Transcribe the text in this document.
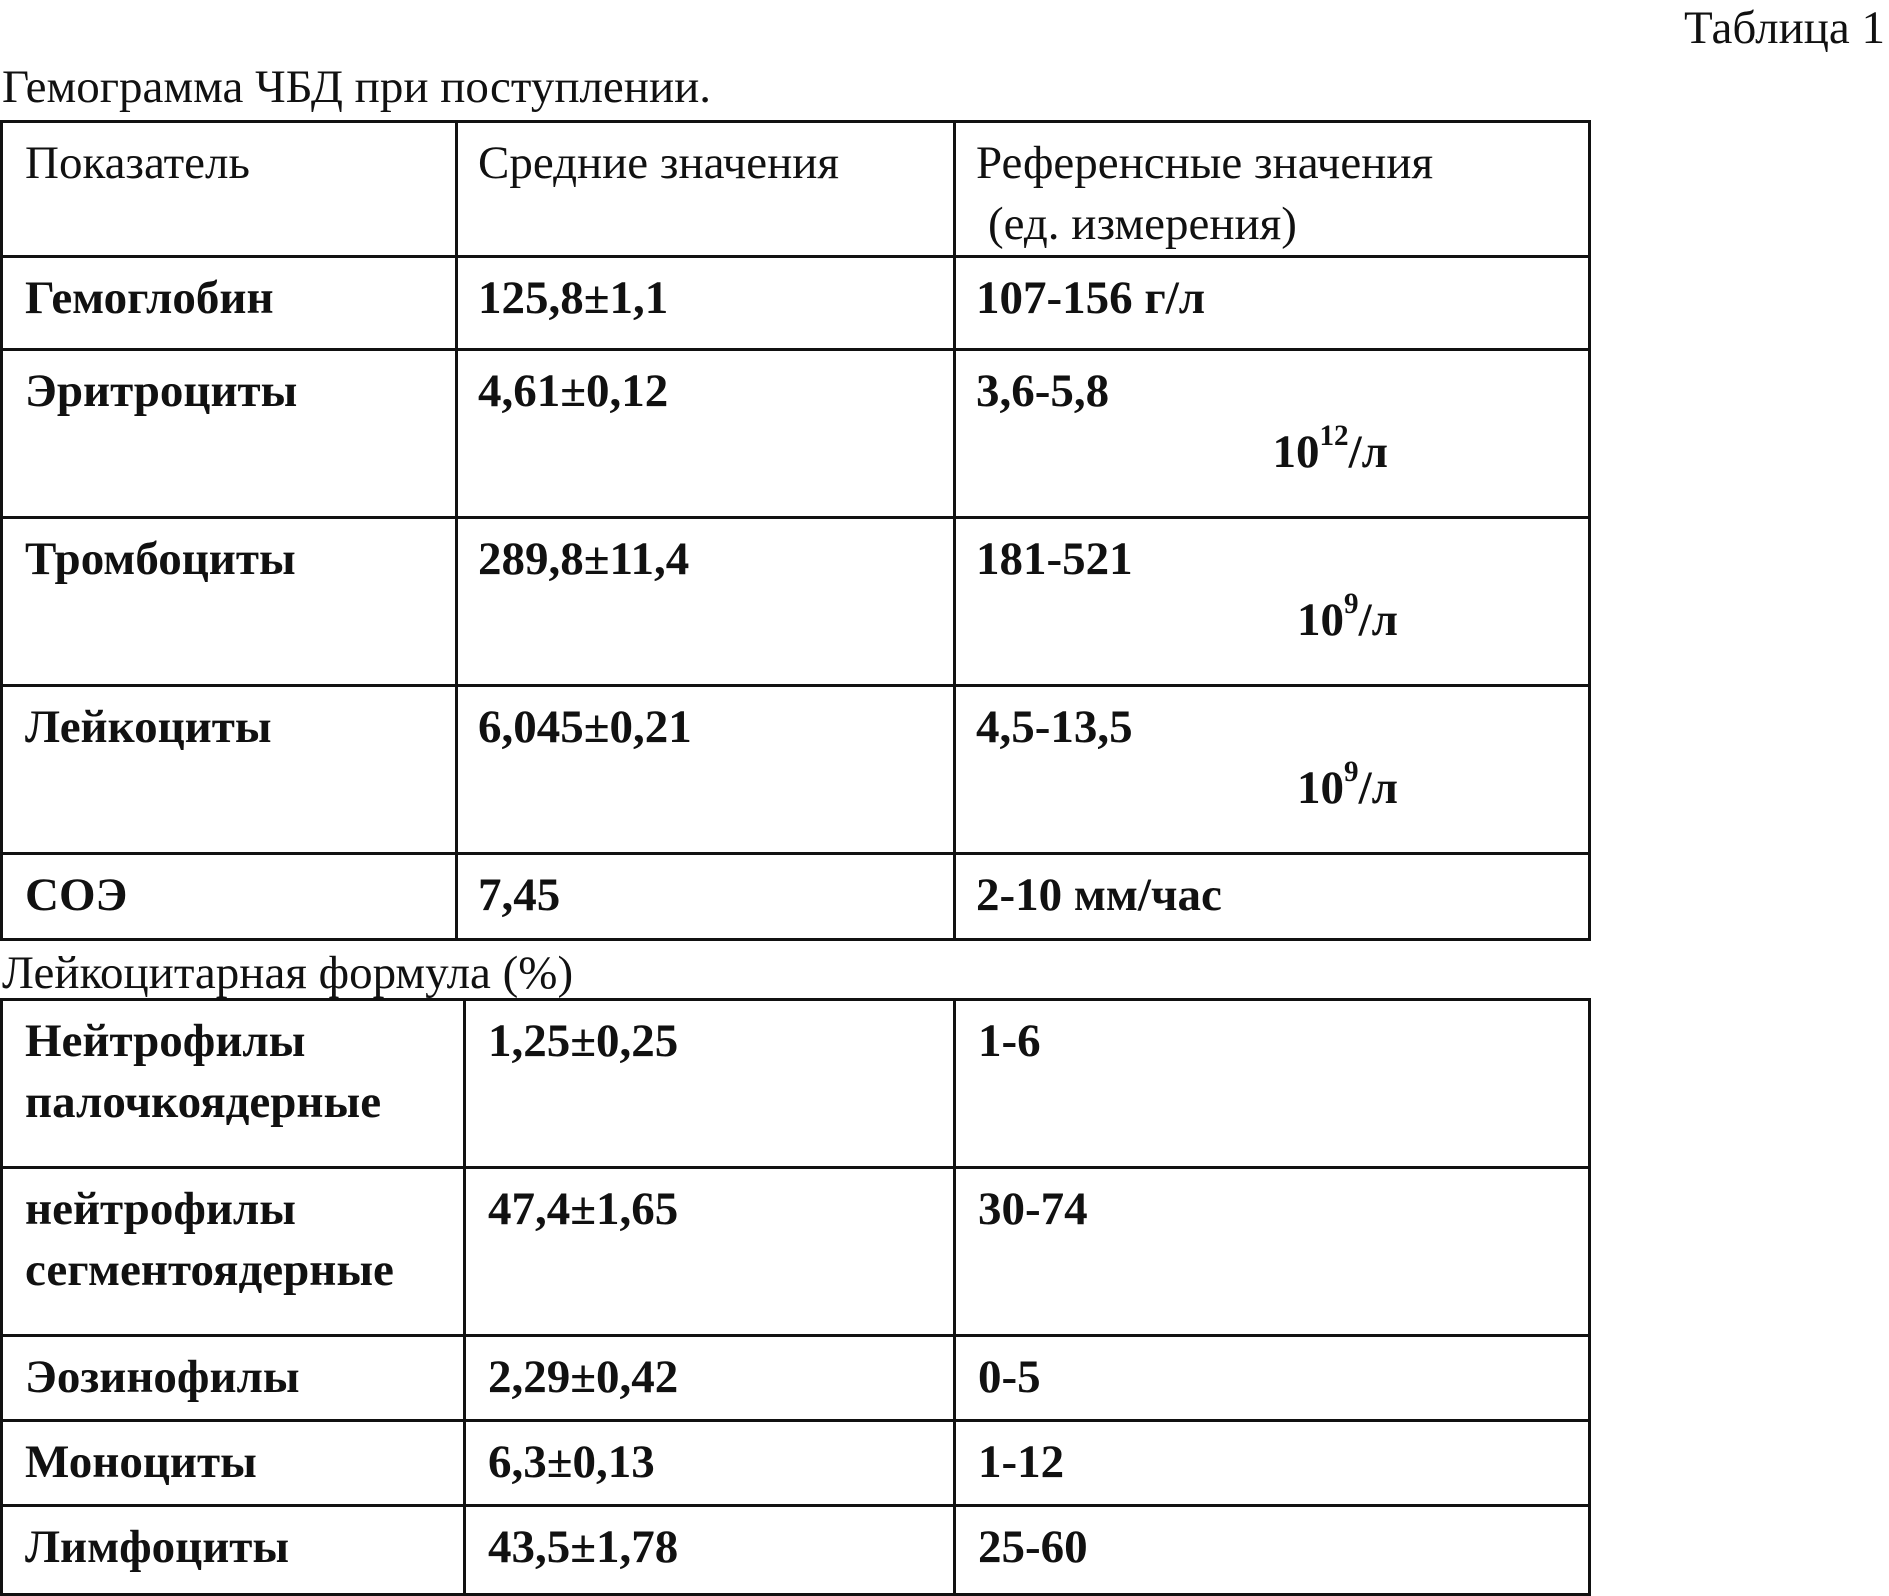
Таблица 1

Гемограмма ЧБД при поступлении.
Показатель	Средние значения	Референсные значения
(ед. измерения)
Гемоглобин	125,8±1,1	107-156 г/л
Эритроциты	4,61±0,12	3,6-5,8
$10^{12}/л$

Тромбоциты	289,8±11,4	181-521
$10^9/л$

Лейкоциты	6,045±0,21	4,5-13,5
$10^9/л$

СОЭ	7,45	2-10 мм/час
Лейкоцитарная формула (%)
Нейтрофилы
палочкоядерные	1,25±0,25	1-6
нейтрофилы
сегментоядерные	47,4±1,65	30-74
Эозинофилы	2,29±0,42	0-5
Моноциты	6,3±0,13	1-12
Лимфоциты	43,5±1,78	25-60
